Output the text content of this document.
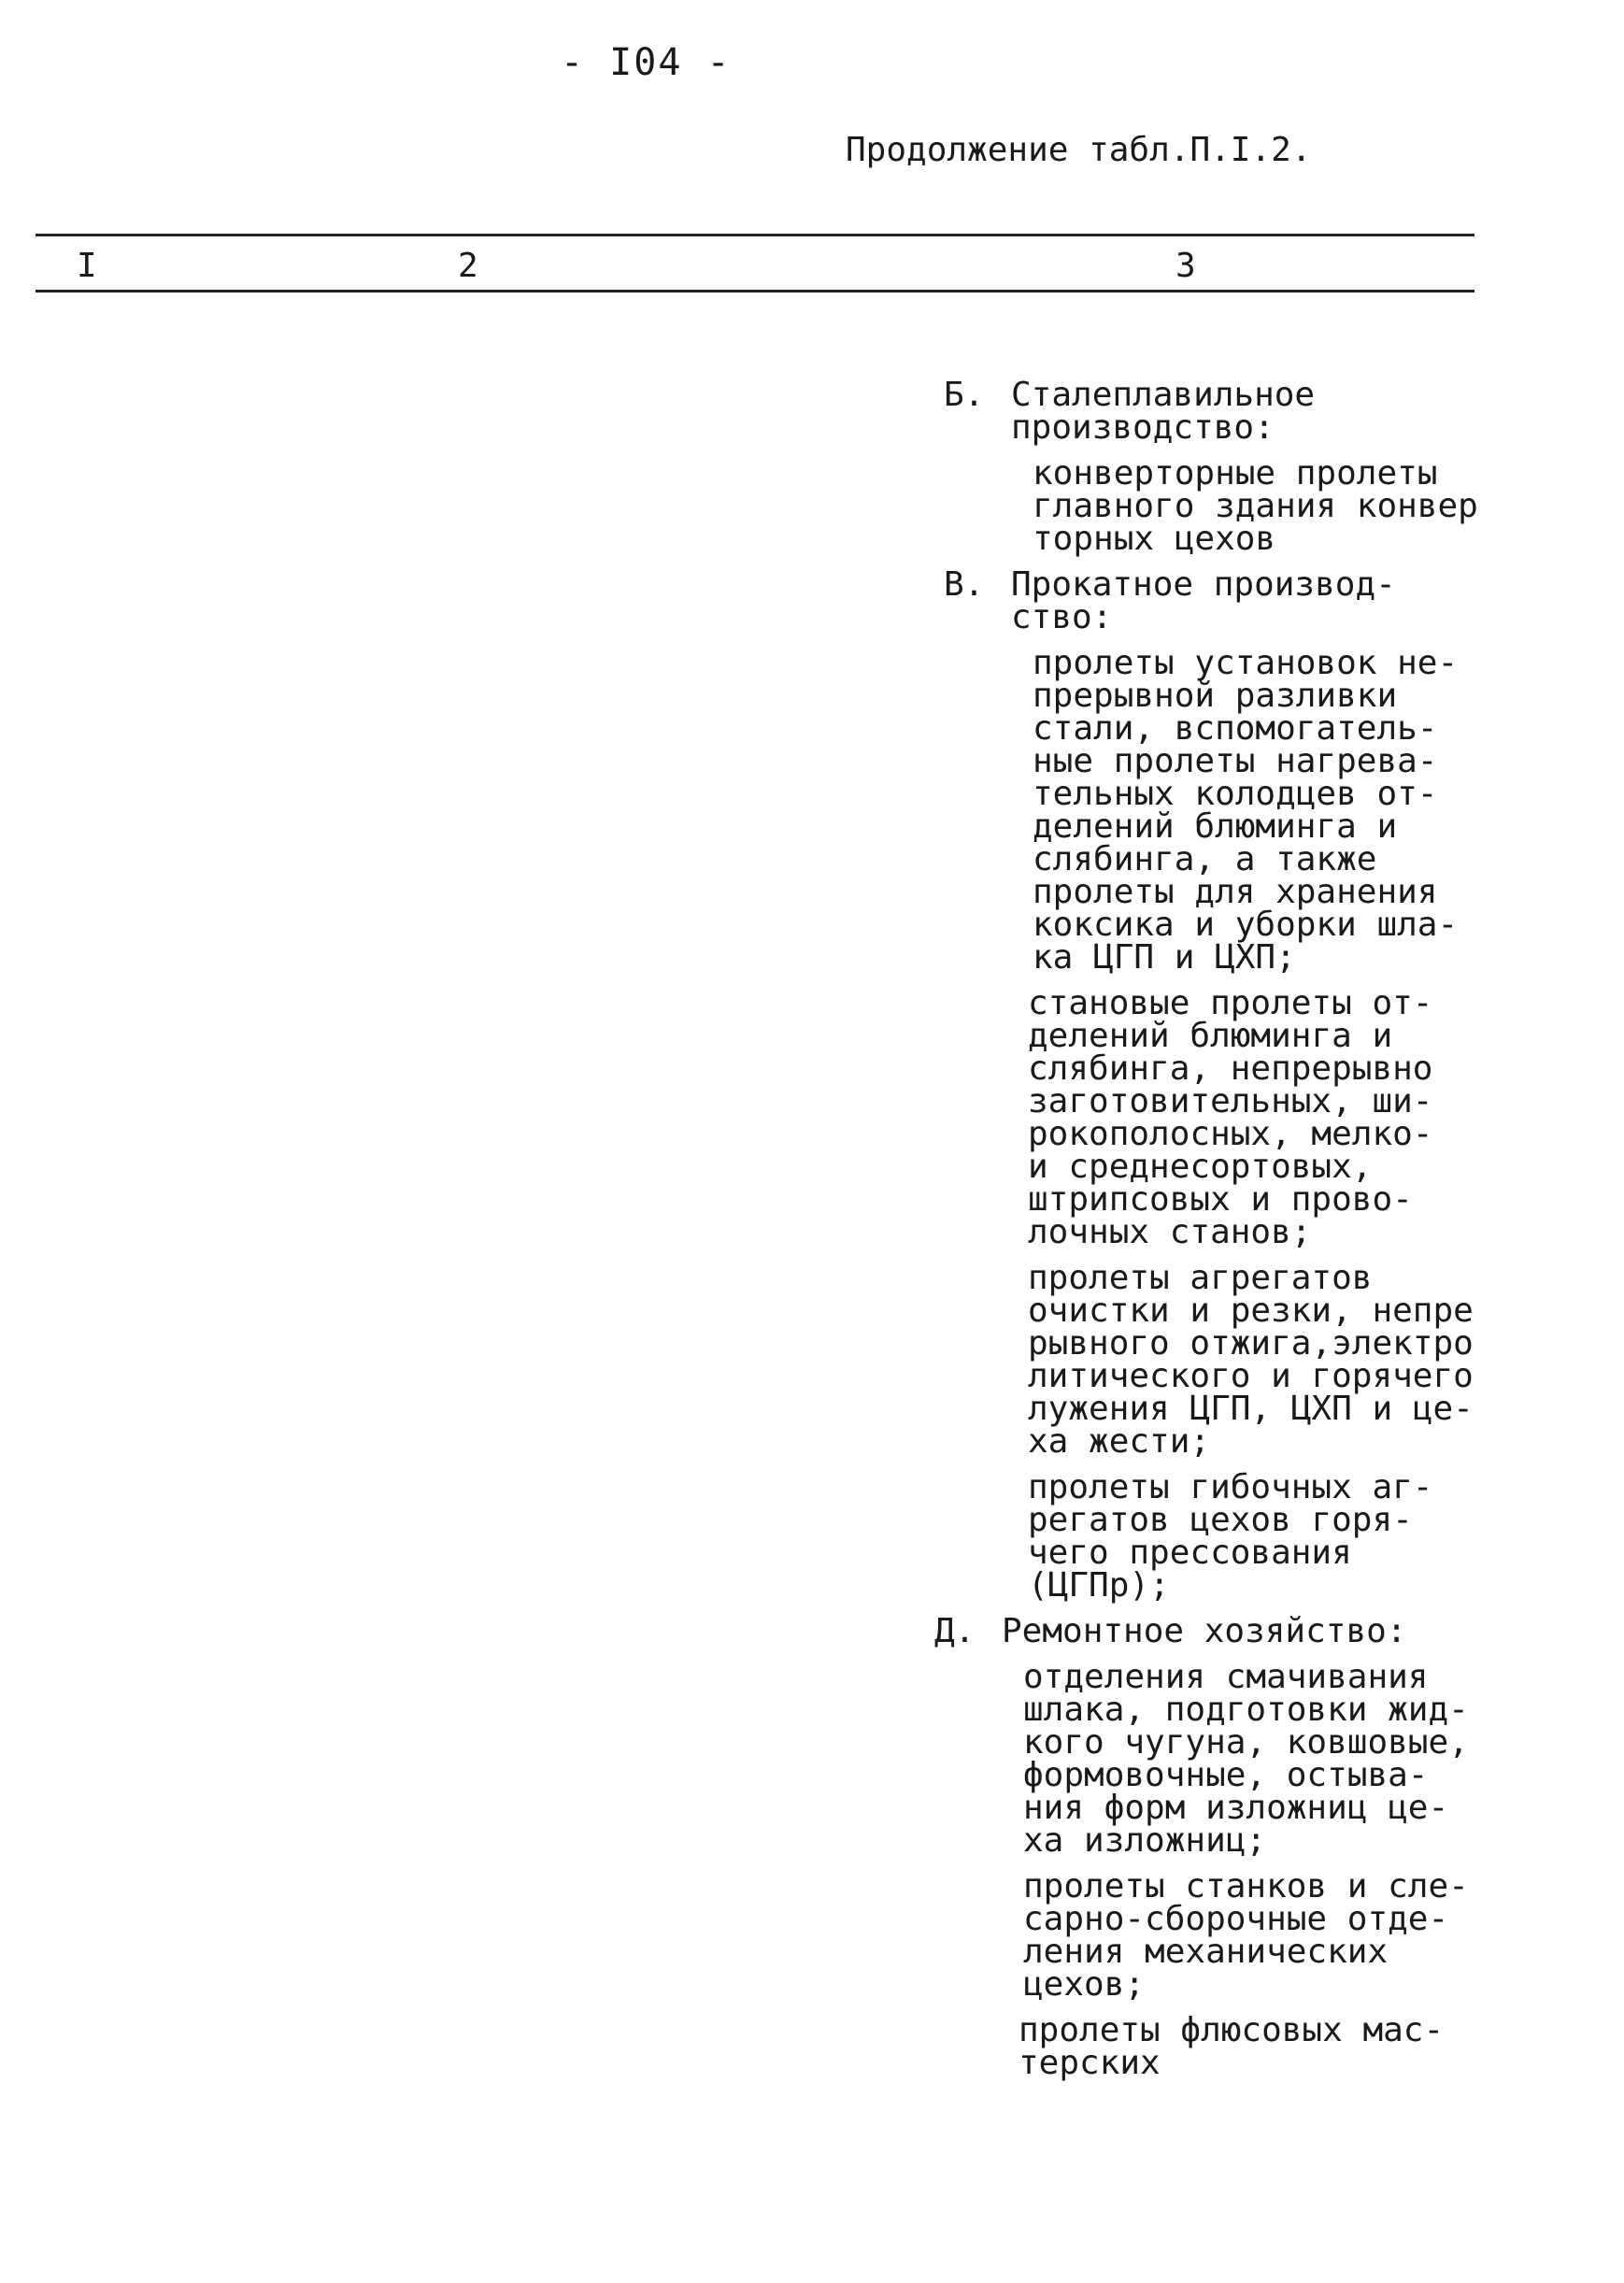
- I04 -
Продолжение табл.П.I.2.
I	2	3
Б. Сталеплавильное
производство:
конверторные пролеты
главного здания конвер
торных цехов
В. Прокатное производ-
ство:
пролеты установок не-
прерывной разливки
стали, вспомогатель-
ные пролеты нагрева-
тельных колодцев от-
делений блюминга и
слябинга, а также
пролеты для хранения
коксика и уборки шла-
ка ЦГП и ЦХП;
становые пролеты от-
делений блюминга и
слябинга, непрерывно
заготовительных, ши-
рокополосных, мелко-
и среднесортовых,
штрипсовых и прово-
лочных станов;
пролеты агрегатов
очистки и резки, непре
рывного отжига,электро
литического и горячего
лужения ЦГП, ЦХП и це-
ха жести;
пролеты гибочных аг-
регатов цехов горя-
чего прессования
(ЦГПр);
Д. Ремонтное хозяйство:
отделения смачивания
шлака, подготовки жид-
кого чугуна, ковшовые,
формовочные, остыва-
ния форм изложниц це-
ха изложниц;
пролеты станков и сле-
сарно-сборочные отде-
ления механических
цехов;
пролеты флюсовых мас-
терских
